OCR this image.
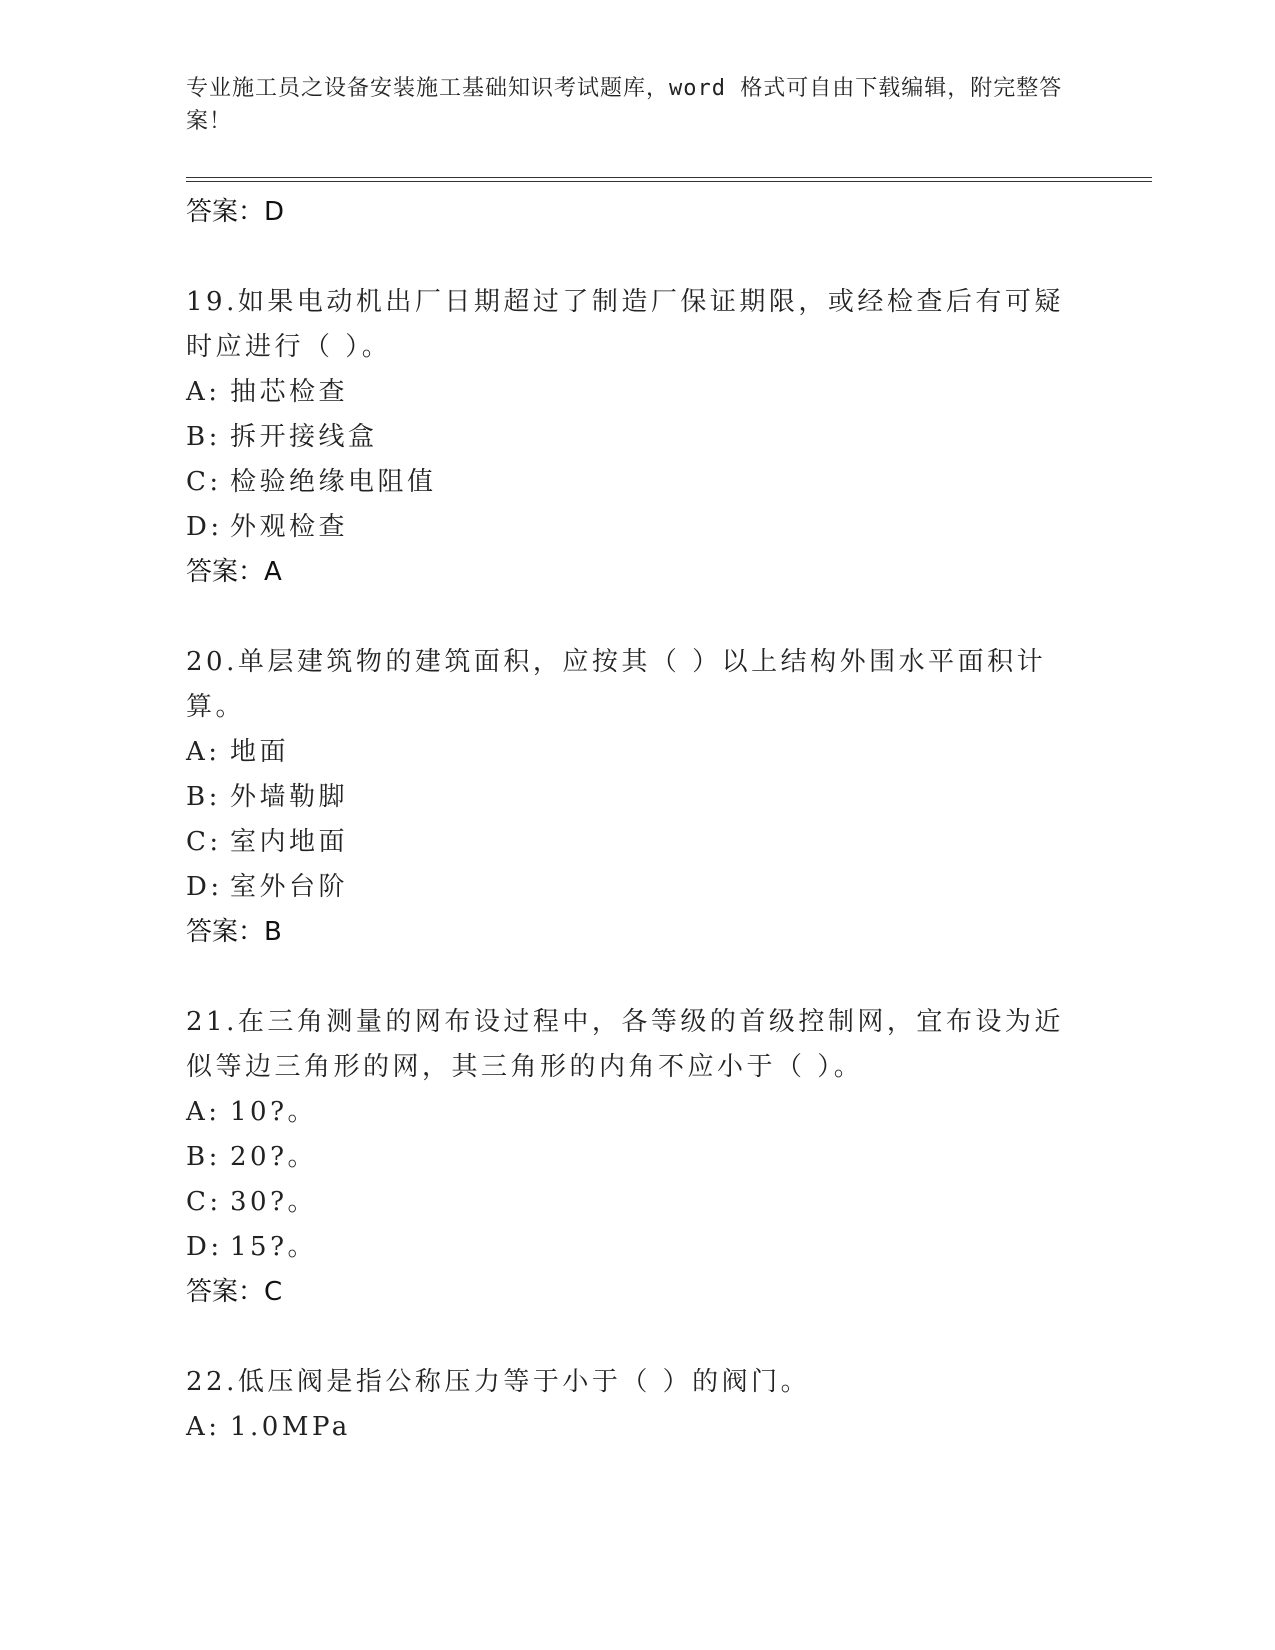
专业施工员之设备安装施工基础知识考试题库，word 格式可自由下载编辑，附完整答案！
答案：D
19.如果电动机出厂日期超过了制造厂保证期限，或经检查后有可疑时应进行（ ）。
A: 抽芯检查
B: 拆开接线盒
C: 检验绝缘电阻值
D: 外观检查
答案：A
20.单层建筑物的建筑面积，应按其（ ）以上结构外围水平面积计算。
A: 地面
B: 外墙勒脚
C: 室内地面
D: 室外台阶
答案：B
21.在三角测量的网布设过程中，各等级的首级控制网，宜布设为近似等边三角形的网，其三角形的内角不应小于（ ）。
A: 10?。
B: 20?。
C: 30?。
D: 15?。
答案：C
22.低压阀是指公称压力等于小于（ ）的阀门。
A: 1.0MPa
